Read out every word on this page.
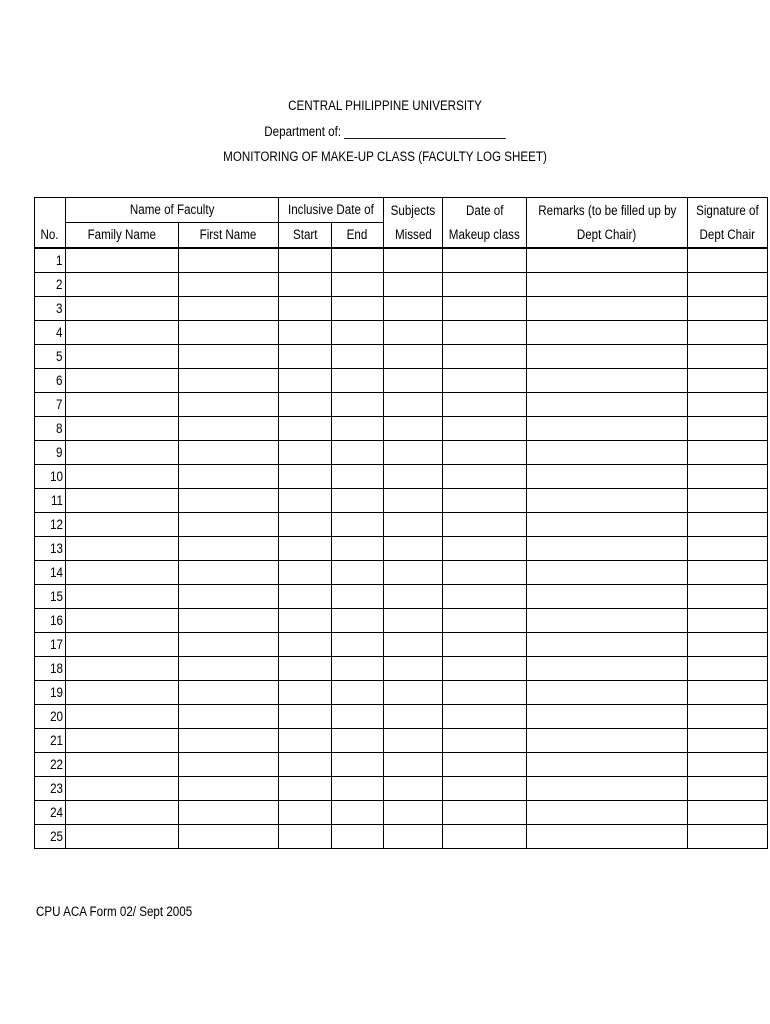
CENTRAL PHILIPPINE UNIVERSITY
Department of: _________________________
MONITORING OF MAKE-UP CLASS (FACULTY LOG SHEET)
	Name of Faculty		Inclusive Date of		Subjects	Date of	Remarks (to be filled up by	Signature of
No.	Family Name	First Name	Start	End	Missed	Makeup class	Dept Chair)	Dept Chair
1								
2								
3								
4								
5								
6								
7								
8								
9								
10								
11								
12								
13								
14								
15								
16								
17								
18								
19								
20								
21								
22								
23								
24								
25								
CPU ACA Form 02/ Sept 2005
